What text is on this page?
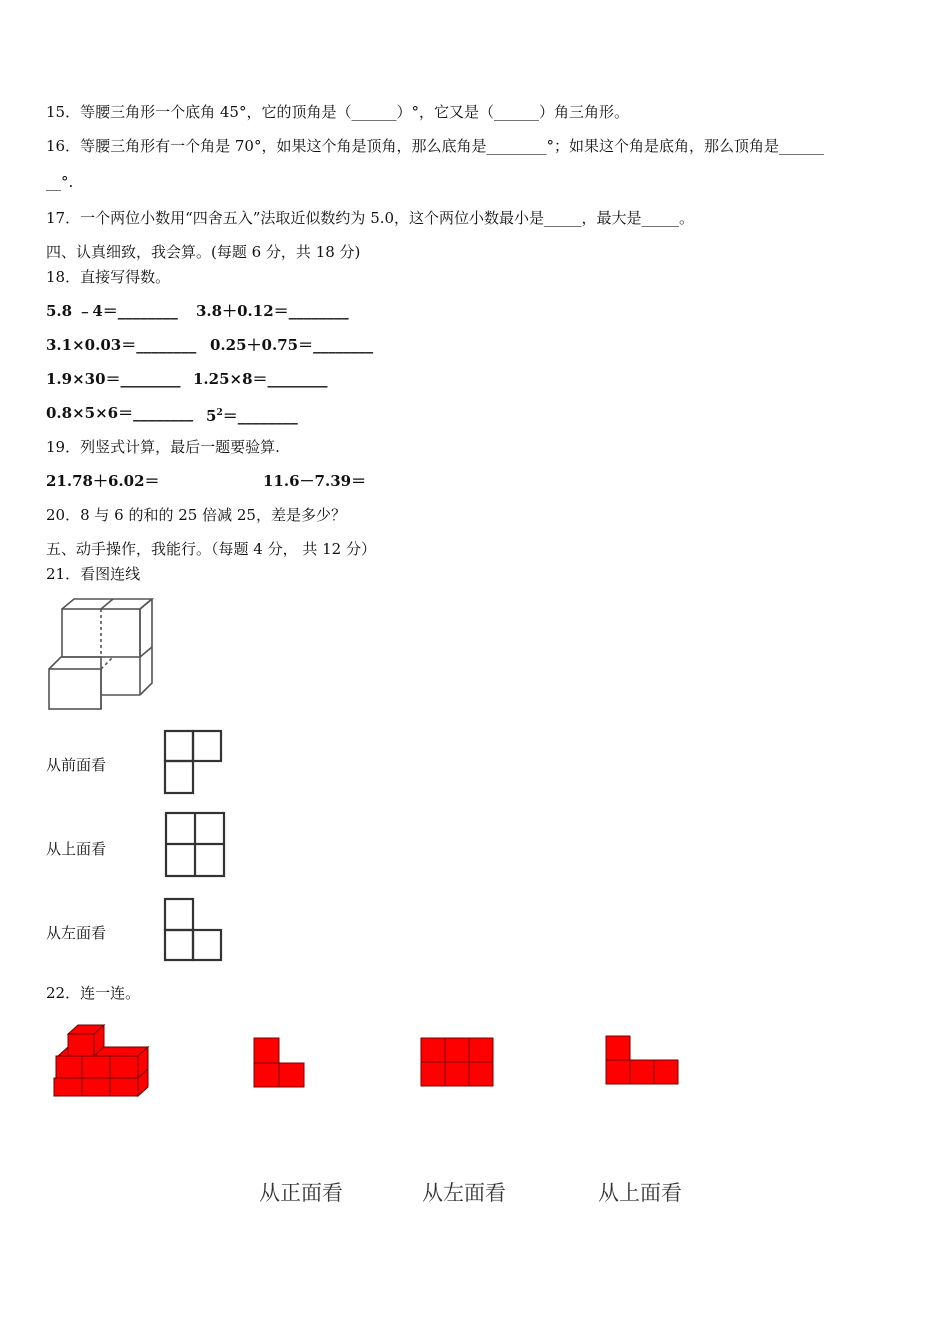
15．等腰三角形一个底角 45°，它的顶角是（______）°，它又是（______）角三角形。
16．等腰三角形有一个角是 70°，如果这个角是顶角，那么底角是________°；如果这个角是底角，那么顶角是______
__°.
17．一个两位小数用“四舍五入”法取近似数约为 5.0，这个两位小数最小是_____，最大是_____。
四、认真细致，我会算。(每题 6 分，共 18 分)
18．直接写得数。
5.8 ﹣4＝________ 3.8＋0.12＝________
3.1×0.03＝________ 0.25＋0.75＝________
1.9×30＝________ 1.25×8＝________
0.8×5×6＝________ $5^2=\_\_\_\_\_\_\_\_$
19．列竖式计算，最后一题要验算.
21.78＋6.02＝	11.6－7.39＝
20．8 与 6 的和的 25 倍减 25，差是多少？
五、动手操作，我能行。（每题 4 分， 共 12 分）
21．看图连线
从前面看
从上面看
从左面看
22．连一连。
从正面看	从左面看	从上面看
